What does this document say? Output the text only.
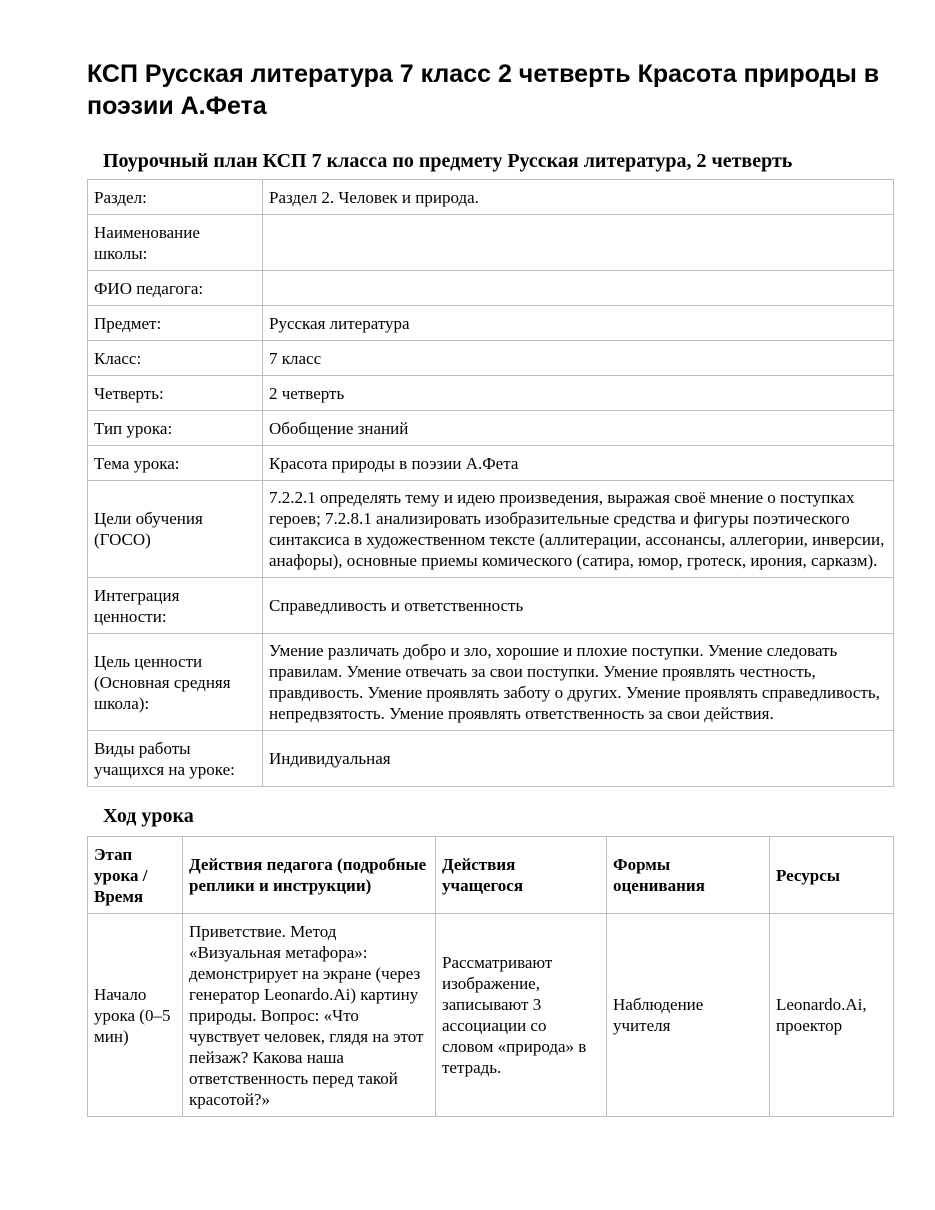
КСП Русская литература 7 класс 2 четверть Красота природы в поэзии А.Фета
Поурочный план КСП 7 класса по предмету Русская литература, 2 четверть
Раздел:	Раздел 2. Человек и природа.
Наименование школы:	
ФИО педагога:	
Предмет:	Русская литература
Класс:	7 класс
Четверть:	2 четверть
Тип урока:	Обобщение знаний
Тема урока:	Красота природы в поэзии А.Фета
Цели обучения (ГОСО)	7.2.2.1 определять тему и идею произведения, выражая своё мнение о поступках героев; 7.2.8.1 анализировать изобразительные средства и фигуры поэтического синтаксиса в художественном тексте (аллитерации, ассонансы, аллегории, инверсии, анафоры), основные приемы комического (сатира, юмор, гротеск, ирония, сарказм).
Интеграция ценности:	Справедливость и ответственность
Цель ценности (Основная средняя школа):	Умение различать добро и зло, хорошие и плохие поступки. Умение следовать правилам. Умение отвечать за свои поступки. Умение проявлять честность, правдивость. Умение проявлять заботу о других. Умение проявлять справедливость, непредвзятость. Умение проявлять ответственность за свои действия.
Виды работы учащихся на уроке:	Индивидуальная
Ход урока
Этап урока / Время	Действия педагога (подробные реплики и инструкции)	Действия учащегося	Формы оценивания	Ресурсы
Начало урока (0–5 мин)	Приветствие. Метод «Визуальная метафора»: демонстрирует на экране (через генератор Leonardo.Ai) картину природы. Вопрос: «Что чувствует человек, глядя на этот пейзаж? Какова наша ответственность перед такой красотой?»	Рассматривают изображение, записывают 3 ассоциации со словом «природа» в тетрадь.	Наблюдение учителя	Leonardo.Ai, проектор
